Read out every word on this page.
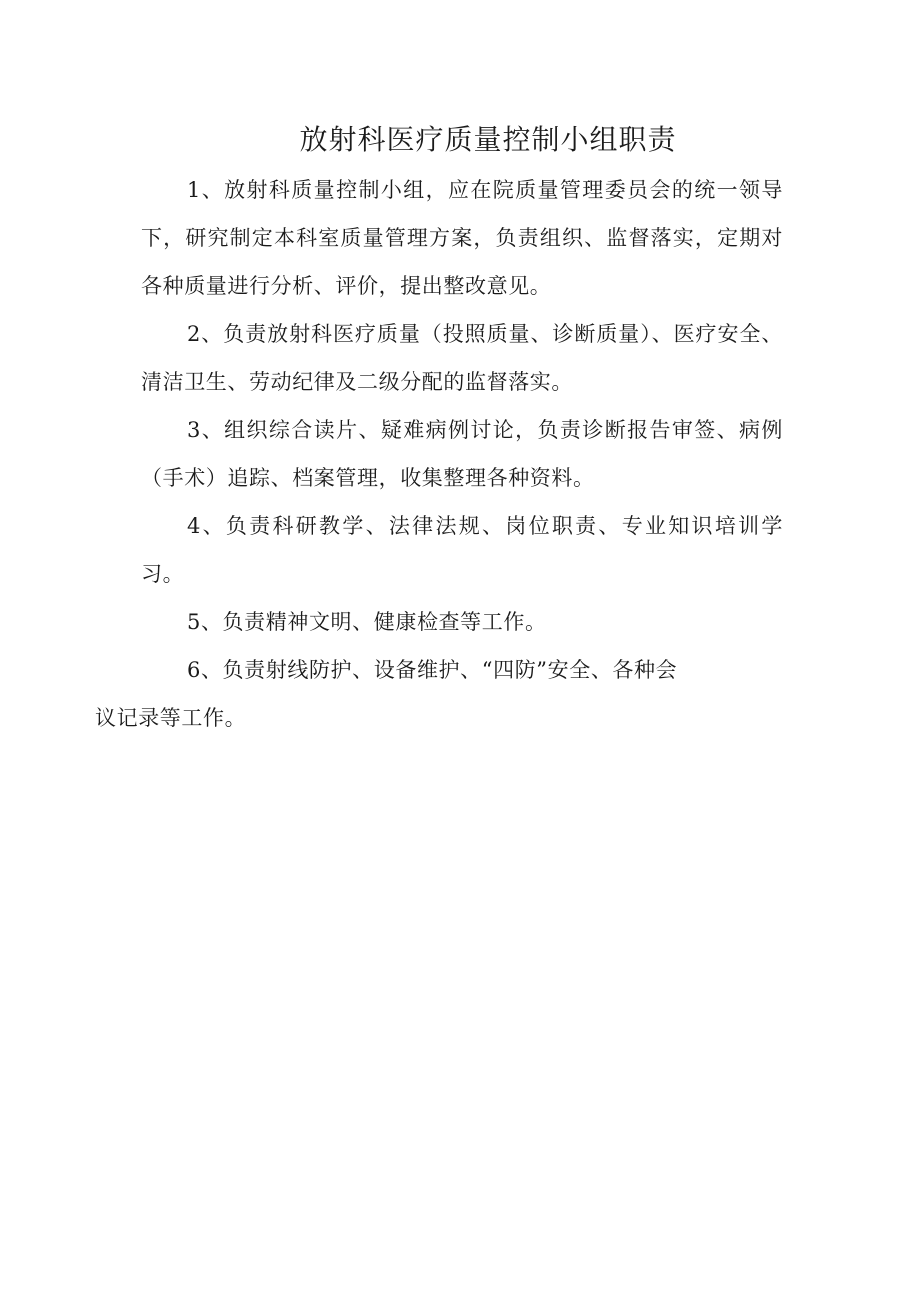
放射科医疗质量控制小组职责

1、放射科质量控制小组，应在院质量管理委员会的统一领导下，研究制定本科室质量管理方案，负责组织、监督落实，定期对各种质量进行分析、评价，提出整改意见。

2、负责放射科医疗质量（投照质量、诊断质量）、医疗安全、清洁卫生、劳动纪律及二级分配的监督落实。

3、组织综合读片、疑难病例讨论，负责诊断报告审签、病例（手术）追踪、档案管理，收集整理各种资料。

4、负责科研教学、法律法规、岗位职责、专业知识培训学习。

5、负责精神文明、健康检查等工作。

6、负责射线防护、设备维护、“四防”安全、各种会
议记录等工作。
